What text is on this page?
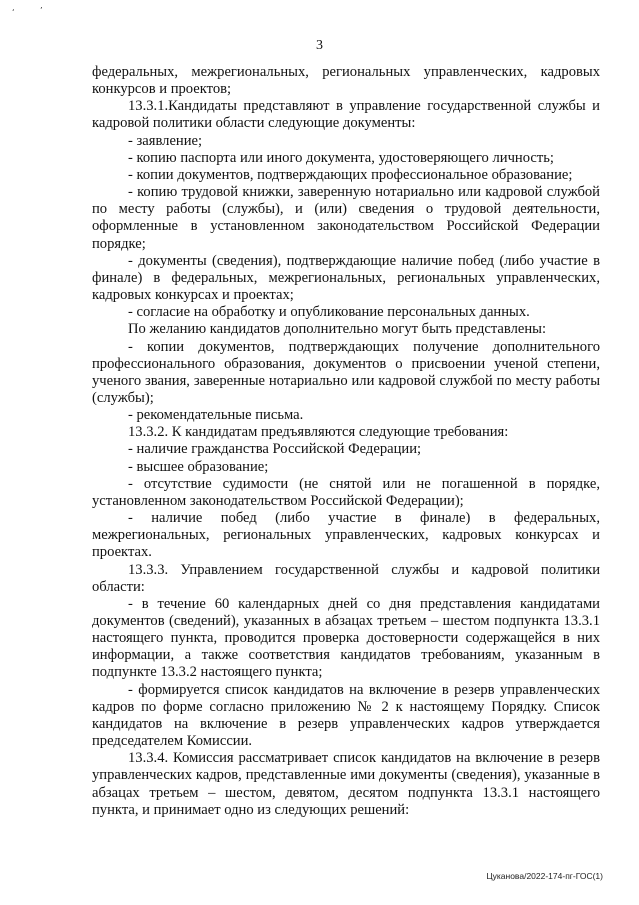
3

федеральных, межрегиональных, региональных управленческих, кадровых конкурсов и проектов;

13.3.1.Кандидаты представляют в управление государственной службы и кадровой политики области следующие документы:

- заявление;

- копию паспорта или иного документа, удостоверяющего личность;

- копии документов, подтверждающих профессиональное образование;

- копию трудовой книжки, заверенную нотариально или кадровой службой по месту работы (службы), и (или) сведения о трудовой деятельности, оформленные в установленном законодательством Российской Федерации порядке;

- документы (сведения), подтверждающие наличие побед (либо участие в финале) в федеральных, межрегиональных, региональных управленческих, кадровых конкурсах и проектах;

- согласие на обработку и опубликование персональных данных.

По желанию кандидатов дополнительно могут быть представлены:

- копии документов, подтверждающих получение дополнительного профессионального образования, документов о присвоении ученой степени, ученого звания, заверенные нотариально или кадровой службой по месту работы (службы);

- рекомендательные письма.

13.3.2. К кандидатам предъявляются следующие требования:

- наличие гражданства Российской Федерации;

- высшее образование;

- отсутствие судимости (не снятой или не погашенной в порядке, установленном законодательством Российской Федерации);

- наличие побед (либо участие в финале) в федеральных, межрегиональных, региональных управленческих, кадровых конкурсах и проектах.

13.3.3. Управлением государственной службы и кадровой политики области:

- в течение 60 календарных дней со дня представления кандидатами документов (сведений), указанных в абзацах третьем – шестом подпункта 13.3.1 настоящего пункта, проводится проверка достоверности содержащейся в них информации, а также соответствия кандидатов требованиям, указанным в подпункте 13.3.2 настоящего пункта;

- формируется список кандидатов на включение в резерв управленческих кадров по форме согласно приложению № 2 к настоящему Порядку. Список кандидатов на включение в резерв управленческих кадров утверждается председателем Комиссии.

13.3.4. Комиссия рассматривает список кандидатов на включение в резерв управленческих кадров, представленные ими документы (сведения), указанные в абзацах третьем – шестом, девятом, десятом подпункта 13.3.1 настоящего пункта, и принимает одно из следующих решений:

Цуканова/2022-174-пг-ГОС(1)
‘	’
